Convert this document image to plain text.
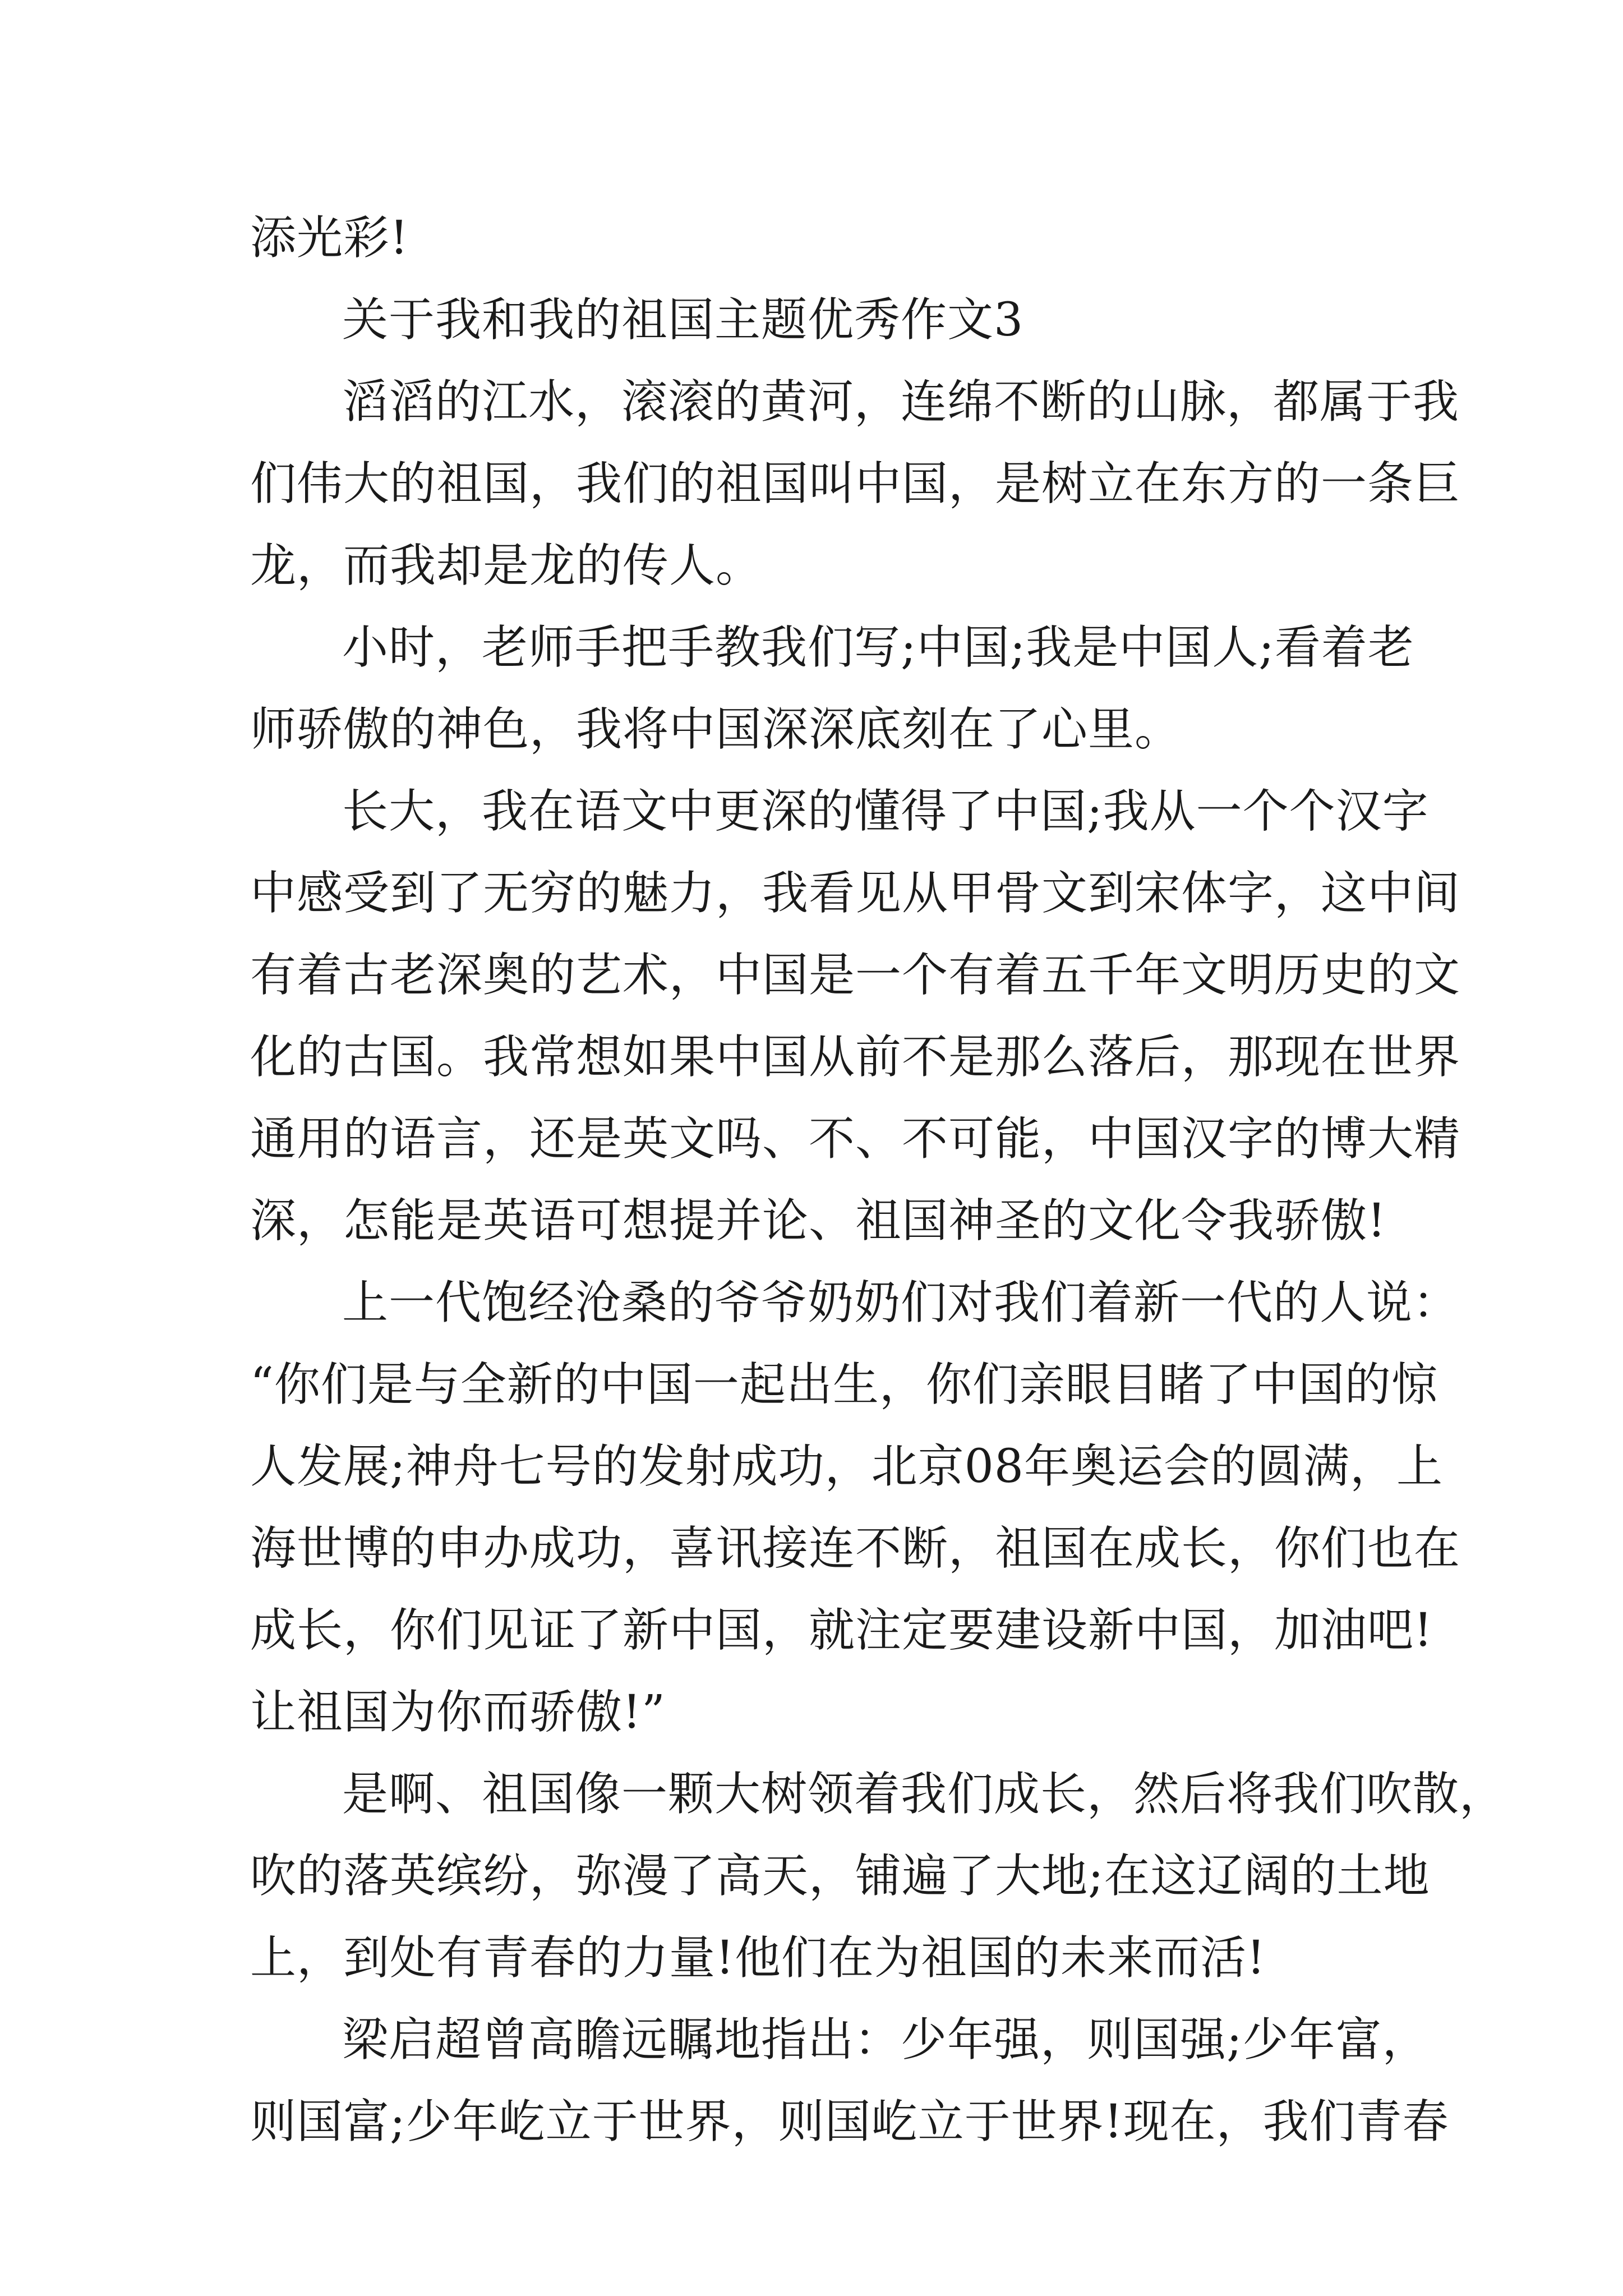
添光彩!
关于我和我的祖国主题优秀作文3
滔滔的江水，滚滚的黄河，连绵不断的山脉，都属于我
们伟大的祖国，我们的祖国叫中国，是树立在东方的一条巨
龙，而我却是龙的传人。
小时，老师手把手教我们写;中国;我是中国人;看着老
师骄傲的神色，我将中国深深底刻在了心里。
长大，我在语文中更深的懂得了中国;我从一个个汉字
中感受到了无穷的魅力，我看见从甲骨文到宋体字，这中间
有着古老深奥的艺术，中国是一个有着五千年文明历史的文
化的古国。我常想如果中国从前不是那么落后，那现在世界
通用的语言，还是英文吗、不、不可能，中国汉字的博大精
深，怎能是英语可想提并论、祖国神圣的文化令我骄傲!
上一代饱经沧桑的爷爷奶奶们对我们着新一代的人说：
“你们是与全新的中国一起出生，你们亲眼目睹了中国的惊
人发展;神舟七号的发射成功，北京08年奥运会的圆满，上
海世博的申办成功，喜讯接连不断，祖国在成长，你们也在
成长，你们见证了新中国，就注定要建设新中国，加油吧!
让祖国为你而骄傲!”
是啊、祖国像一颗大树领着我们成长，然后将我们吹散，
吹的落英缤纷，弥漫了高天，铺遍了大地;在这辽阔的土地
上，到处有青春的力量!他们在为祖国的未来而活!
梁启超曾高瞻远瞩地指出：少年强，则国强;少年富，
则国富;少年屹立于世界，则国屹立于世界!现在，我们青春
